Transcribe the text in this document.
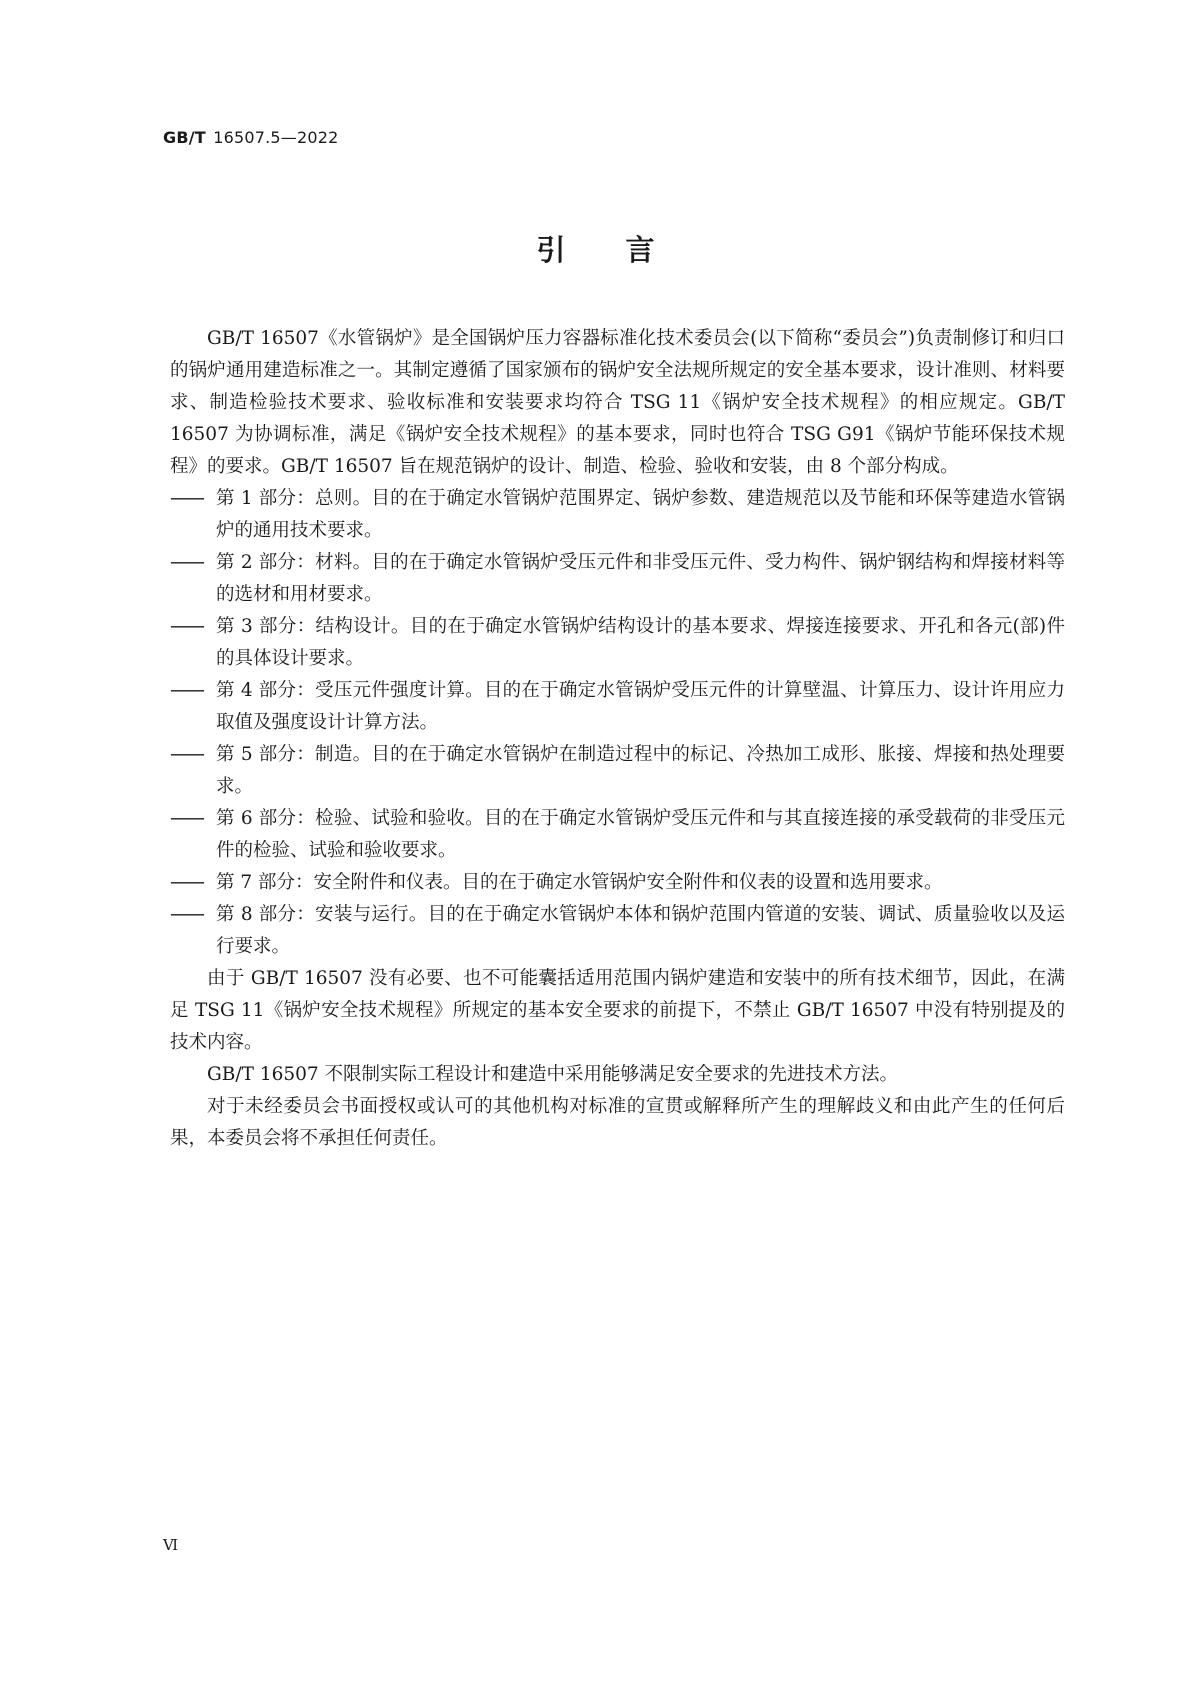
GB/T 16507.5—2022
引言

GB/T 16507《水管锅炉》是全国锅炉压力容器标准化技术委员会(以下简称“委员会”)负责制修订和归口的锅炉通用建造标准之一。其制定遵循了国家颁布的锅炉安全法规所规定的安全基本要求，设计准则、材料要求、制造检验技术要求、验收标准和安装要求均符合 TSG 11《锅炉安全技术规程》的相应规定。GB/T 16507 为协调标准，满足《锅炉安全技术规程》的基本要求，同时也符合 TSG G91《锅炉节能环保技术规程》的要求。GB/T 16507 旨在规范锅炉的设计、制造、检验、验收和安装，由 8 个部分构成。

—— 第 1 部分：总则。目的在于确定水管锅炉范围界定、锅炉参数、建造规范以及节能和环保等建造水管锅炉的通用技术要求。
—— 第 2 部分：材料。目的在于确定水管锅炉受压元件和非受压元件、受力构件、锅炉钢结构和焊接材料等的选材和用材要求。
—— 第 3 部分：结构设计。目的在于确定水管锅炉结构设计的基本要求、焊接连接要求、开孔和各元(部)件的具体设计要求。
—— 第 4 部分：受压元件强度计算。目的在于确定水管锅炉受压元件的计算壁温、计算压力、设计许用应力取值及强度设计计算方法。
—— 第 5 部分：制造。目的在于确定水管锅炉在制造过程中的标记、冷热加工成形、胀接、焊接和热处理要求。
—— 第 6 部分：检验、试验和验收。目的在于确定水管锅炉受压元件和与其直接连接的承受载荷的非受压元件的检验、试验和验收要求。
—— 第 7 部分：安全附件和仪表。目的在于确定水管锅炉安全附件和仪表的设置和选用要求。
—— 第 8 部分：安装与运行。目的在于确定水管锅炉本体和锅炉范围内管道的安装、调试、质量验收以及运行要求。

由于 GB/T 16507 没有必要、也不可能囊括适用范围内锅炉建造和安装中的所有技术细节，因此，在满足 TSG 11《锅炉安全技术规程》所规定的基本安全要求的前提下，不禁止 GB/T 16507 中没有特别提及的技术内容。

GB/T 16507 不限制实际工程设计和建造中采用能够满足安全要求的先进技术方法。

对于未经委员会书面授权或认可的其他机构对标准的宣贯或解释所产生的理解歧义和由此产生的任何后果，本委员会将不承担任何责任。

Ⅵ
